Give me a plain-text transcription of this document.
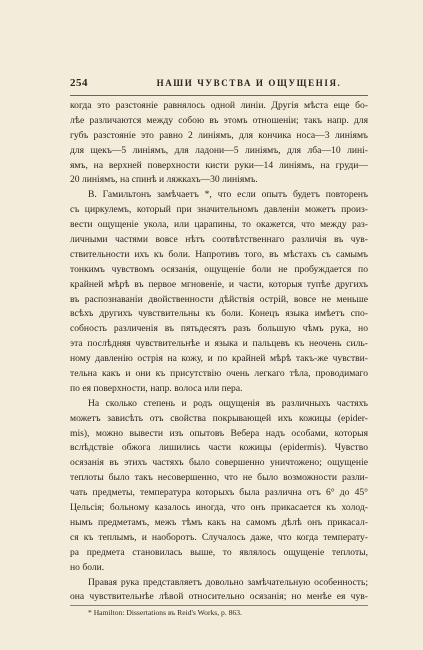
254	НАШИ ЧУВСТВА И ОЩУЩЕНІЯ.
когда это разстояніе равнялось одной линіи. Другія мѣста еще бо-
лѣе различаются между собою въ этомъ отношеніи; такъ напр. для
губъ разстояніе это равно 2 линіямъ, для кончика носа—3 линіямъ
для щекъ—5 линіямъ, для ладони—5 линіямъ, для лба—10 лині-
ямъ, на верхней поверхности кисти руки—14 линіямъ, на груди—
20 линіямъ, на спинѣ и ляжкахъ—30 линіямъ.
В. Гамильтонъ замѣчаетъ *, что если опытъ будетъ повторенъ
съ циркулемъ, который при значительномъ давленіи можетъ произ-
вести ощущеніе укола, или царапины, то окажется, что между раз-
личными частями вовсе нѣтъ соотвѣтственнаго различія въ чув-
ствительности ихъ къ боли. Напротивъ того, въ мѣстахъ съ самымъ
тонкимъ чувствомъ осязанія, ощущеніе боли не пробуждается по
крайней мѣрѣ въ первое мгновеніе, и части, которыя тупѣе другихъ
въ распознаваніи двойственности дѣйствія острій, вовсе не меньше
всѣхъ другихъ чувствительны къ боли. Конецъ языка имѣетъ спо-
собность различенія въ пятьдесятъ разъ большую чѣмъ рука, но
эта послѣдняя чувствительнѣе и языка и пальцевъ къ неочень силь-
ному давленію острія на кожу, и по крайней мѣрѣ такъ-же чувстви-
тельна какъ и они къ присутствію очень легкаго тѣла, проводимаго
по ея поверхности, напр. волоса или пера.
На сколько степень и родъ ощущенія въ различныхъ частяхъ
можетъ зависѣть отъ свойства покрывающей ихъ кожицы (epider-
mis), можно вывести изъ опытовъ Вебера надъ особами, которыя
вслѣдствіе обжога лишились части кожицы (epidermis). Чувство
осязанія въ этихъ частяхъ было совершенно уничтожено; ощущеніе
теплоты было такъ несовершенно, что не было возможности разли-
чать предметы, температура которыхъ была различна отъ 6° до 45°
Цельсія; больному казалось иногда, что онъ прикасается къ холод-
нымъ предметамъ, межъ тѣмъ какъ на самомъ дѣлѣ онъ прикасал-
ся къ теплымъ, и наоборотъ. Случалось даже, что когда температу-
ра предмета становилась выше, то являлось ощущеніе теплоты,
но боли.
Правая рука представляетъ довольно замѣчательную особенность;
она чувствительнѣе лѣвой относительно осязанія; но менѣе ея чув-
* Hamilton: Dissertations въ Reid's Works, p. 863.
